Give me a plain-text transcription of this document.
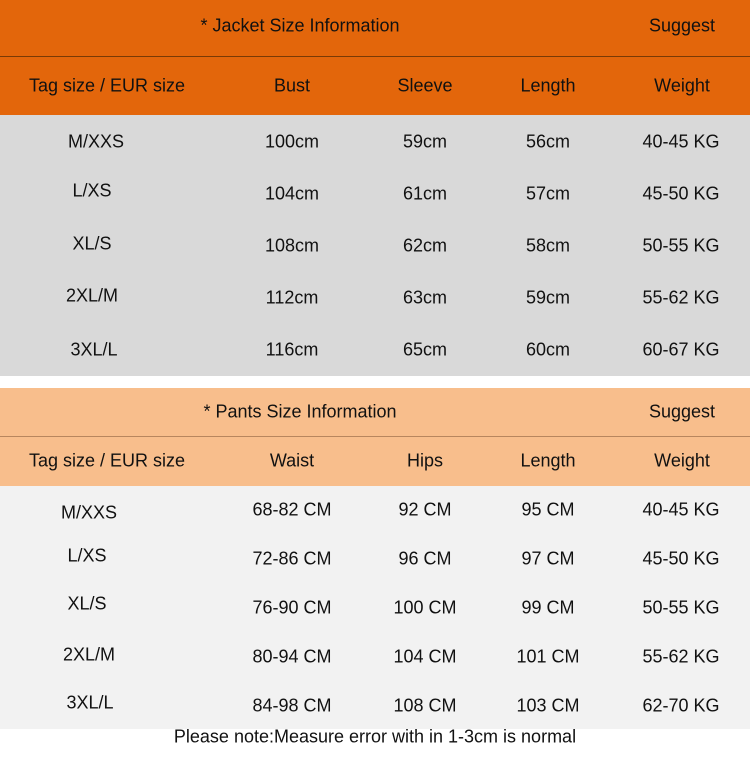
* Jacket Size Information	Suggest
Tag size / EUR size	Bust	Sleeve	Length	Weight
M/XXS	100cm	59cm	56cm	40-45 KG
L/XS	104cm	61cm	57cm	45-50 KG
XL/S	108cm	62cm	58cm	50-55 KG
2XL/M	112cm	63cm	59cm	55-62 KG
3XL/L	116cm	65cm	60cm	60-67 KG
* Pants Size Information	Suggest
Tag size / EUR size	Waist	Hips	Length	Weight
M/XXS	68-82 CM	92 CM	95 CM	40-45 KG
L/XS	72-86 CM	96 CM	97 CM	45-50 KG
XL/S	76-90 CM	100 CM	99 CM	50-55 KG
2XL/M	80-94 CM	104 CM	101 CM	55-62 KG
3XL/L	84-98 CM	108 CM	103 CM	62-70 KG
Please note:Measure error with in 1-3cm is normal
